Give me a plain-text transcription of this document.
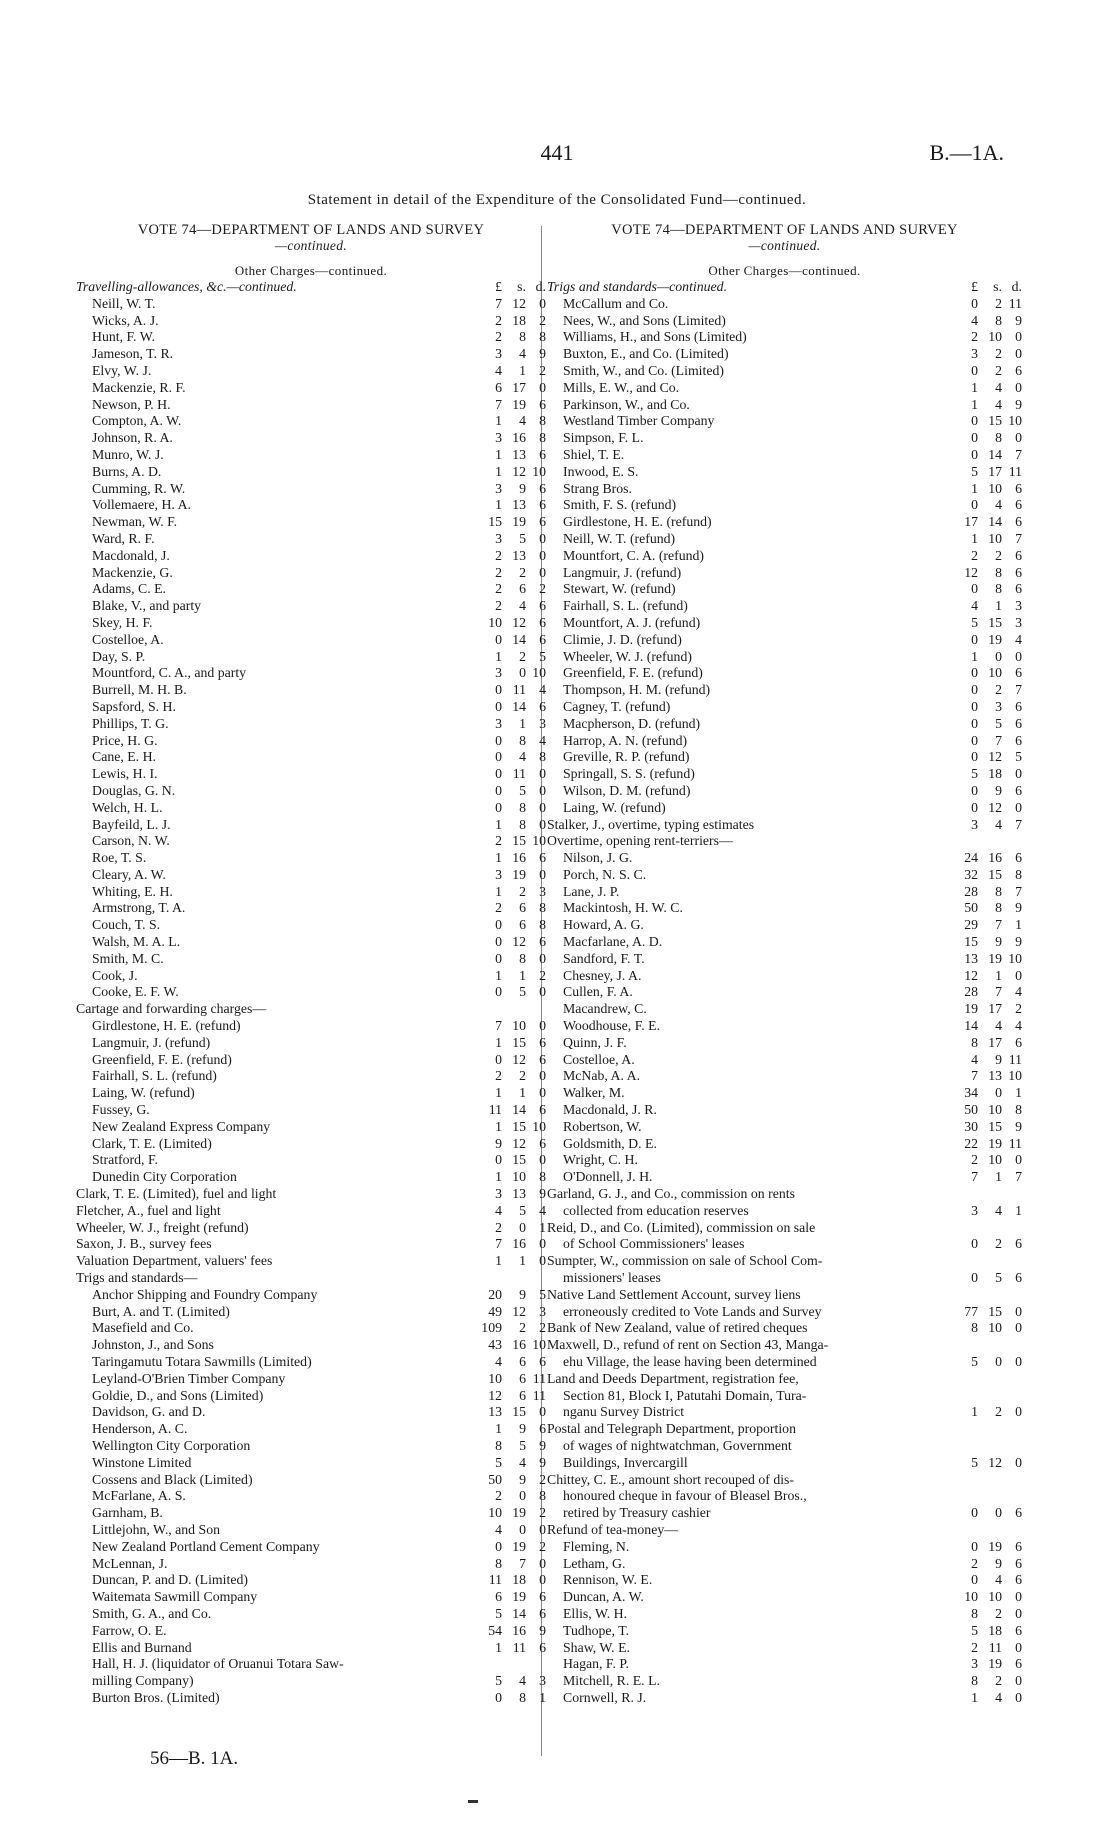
441	B.—1A.
Statement in detail of the Expenditure of the Consolidated Fund—continued.
VOTE 74—DEPARTMENT OF LANDS AND SURVEY
—continued.
Other Charges—continued.
Travelling-allowances, &c.—continued.	£	s. d.
Neill, W. T.	7 12 0
Wicks, A. J.	2 18 2
Hunt, F. W.	2	8 8
Jameson, T. R.	3	4 9
Elvy, W. J.	4	1 2
Mackenzie, R. F.	6 17 0
Newson, P. H.	7 19 6
Compton, A. W.	1	4 8
Johnson, R. A.	3 16 8
Munro, W. J.	1 13 6
Burns, A. D.	1 12 10
Cumming, R. W.	3	9 6
Vollemaere, H. A.	1 13 6
Newman, W. F.	15 19 6
Ward, R. F.	3	5 0
Macdonald, J.	2 13 0
Mackenzie, G.	2	2 0
Adams, C. E.	2	6 2
Blake, V., and party	2	4 6
Skey, H. F.	10 12 6
Costelloe, A.	0 14 6
Day, S. P.	1	2 5
Mountford, C. A., and party	3	0 10
Burrell, M. H. B.	0 11 4
Sapsford, S. H.	0 14 6
Phillips, T. G.	3	1 3
Price, H. G.	0	8 4
Cane, E. H.	0	4 8
Lewis, H. I.	0 11 0
Douglas, G. N.	0	5 0
Welch, H. L.	0	8 0
Bayfeild, L. J.	1	8 0
Carson, N. W.	2 15 10
Roe, T. S.	1 16 6
Cleary, A. W.	3 19 0
Whiting, E. H.	1	2 3
Armstrong, T. A.	2	6 8
Couch, T. S.	0	6 8
Walsh, M. A. L.	0 12 6
Smith, M. C.	0	8 0
Cook, J.	1	1 2
Cooke, E. F. W.	0	5 0
Cartage and forwarding charges—
Girdlestone, H. E. (refund)	7 10 0
Langmuir, J. (refund)	1 15 6
Greenfield, F. E. (refund)	0 12 6
Fairhall, S. L. (refund)	2	2 0
Laing, W. (refund)	1	1 0
Fussey, G.	11 14 6
New Zealand Express Company	1 15 10
Clark, T. E. (Limited)	9 12 6
Stratford, F.	0 15 0
Dunedin City Corporation	1 10 8
Clark, T. E. (Limited), fuel and light	3 13 9
Fletcher, A., fuel and light	4	5 4
Wheeler, W. J., freight (refund)	2	0 1
Saxon, J. B., survey fees	7 16 0
Valuation Department, valuers' fees	1	1 0
Trigs and standards—
Anchor Shipping and Foundry Company	20	9 5
Burt, A. and T. (Limited)	49 12 3
Masefield and Co.	109	2 2
Johnston, J., and Sons	43 16 10
Taringamutu Totara Sawmills (Limited)	4	6 6
Leyland-O'Brien Timber Company	10	6 11
Goldie, D., and Sons (Limited)	12	6 11
Davidson, G. and D.	13 15 0
Henderson, A. C.	1	9 6
Wellington City Corporation	8	5 9
Winstone Limited	5	4 9
Cossens and Black (Limited)	50	9 2
McFarlane, A. S.	2	0 8
Garnham, B.	10 19 2
Littlejohn, W., and Son	4	0 0
New Zealand Portland Cement Company	0 19 2
McLennan, J.	8	7 0
Duncan, P. and D. (Limited)	11 18 0
Waitemata Sawmill Company	6 19 6
Smith, G. A., and Co.	5 14 6
Farrow, O. E.	54 16 9
Ellis and Burnand	1 11 6
Hall, H. J. (liquidator of Oruanui Totara Saw-
milling Company)	5	4 3
Burton Bros. (Limited)	0	8 1
VOTE 74—DEPARTMENT OF LANDS AND SURVEY
—continued.
Other Charges—continued.
Trigs and standards—continued.	£	s. d.
McCallum and Co.	0	2 11
Nees, W., and Sons (Limited)	4	8 9
Williams, H., and Sons (Limited)	2 10 0
Buxton, E., and Co. (Limited)	3	2 0
Smith, W., and Co. (Limited)	0	2 6
Mills, E. W., and Co.	1	4 0
Parkinson, W., and Co.	1	4 9
Westland Timber Company	0 15 10
Simpson, F. L.	0	8 0
Shiel, T. E.	0 14 7
Inwood, E. S.	5 17 11
Strang Bros.	1 10 6
Smith, F. S. (refund)	0	4 6
Girdlestone, H. E. (refund)	17 14 6
Neill, W. T. (refund)	1 10 7
Mountfort, C. A. (refund)	2	2 6
Langmuir, J. (refund)	12	8 6
Stewart, W. (refund)	0	8 6
Fairhall, S. L. (refund)	4	1 3
Mountfort, A. J. (refund)	5 15 3
Climie, J. D. (refund)	0 19 4
Wheeler, W. J. (refund)	1	0 0
Greenfield, F. E. (refund)	0 10 6
Thompson, H. M. (refund)	0	2 7
Cagney, T. (refund)	0	3 6
Macpherson, D. (refund)	0	5 6
Harrop, A. N. (refund)	0	7 6
Greville, R. P. (refund)	0 12 5
Springall, S. S. (refund)	5 18 0
Wilson, D. M. (refund)	0	9 6
Laing, W. (refund)	0 12 0
Stalker, J., overtime, typing estimates	3	4 7
Overtime, opening rent-terriers—
Nilson, J. G.	24 16 6
Porch, N. S. C.	32 15 8
Lane, J. P.	28	8 7
Mackintosh, H. W. C.	50	8 9
Howard, A. G.	29	7 1
Macfarlane, A. D.	15	9 9
Sandford, F. T.	13 19 10
Chesney, J. A.	12	1 0
Cullen, F. A.	28	7 4
Macandrew, C.	19 17 2
Woodhouse, F. E.	14	4 4
Quinn, J. F.	8 17 6
Costelloe, A.	4	9 11
McNab, A. A.	7 13 10
Walker, M.	34	0 1
Macdonald, J. R.	50 10 8
Robertson, W.	30 15 9
Goldsmith, D. E.	22 19 11
Wright, C. H.	2 10 0
O'Donnell, J. H.	7	1 7
Garland, G. J., and Co., commission on rents
collected from education reserves	3	4 1
Reid, D., and Co. (Limited), commission on sale
of School Commissioners' leases	0	2 6
Sumpter, W., commission on sale of School Com-
missioners' leases	0	5 6
Native Land Settlement Account, survey liens
erroneously credited to Vote Lands and Survey	77 15 0
Bank of New Zealand, value of retired cheques	8 10 0
Maxwell, D., refund of rent on Section 43, Manga-
ehu Village, the lease having been determined	5	0 0
Land and Deeds Department, registration fee,
Section 81, Block I, Patutahi Domain, Tura-
nganu Survey District	1	2 0
Postal and Telegraph Department, proportion
of wages of nightwatchman, Government
Buildings, Invercargill	5 12 0
Chittey, C. E., amount short recouped of dis-
honoured cheque in favour of Bleasel Bros.,
retired by Treasury cashier	0	0 6
Refund of tea-money—
Fleming, N.	0 19 6
Letham, G.	2	9 6
Rennison, W. E.	0	4 6
Duncan, A. W.	10 10 0
Ellis, W. H.	8	2 0
Tudhope, T.	5 18 6
Shaw, W. E.	2 11 0
Hagan, F. P.	3 19 6
Mitchell, R. E. L.	8	2 0
Cornwell, R. J.	1	4 0
56—B. 1A.
